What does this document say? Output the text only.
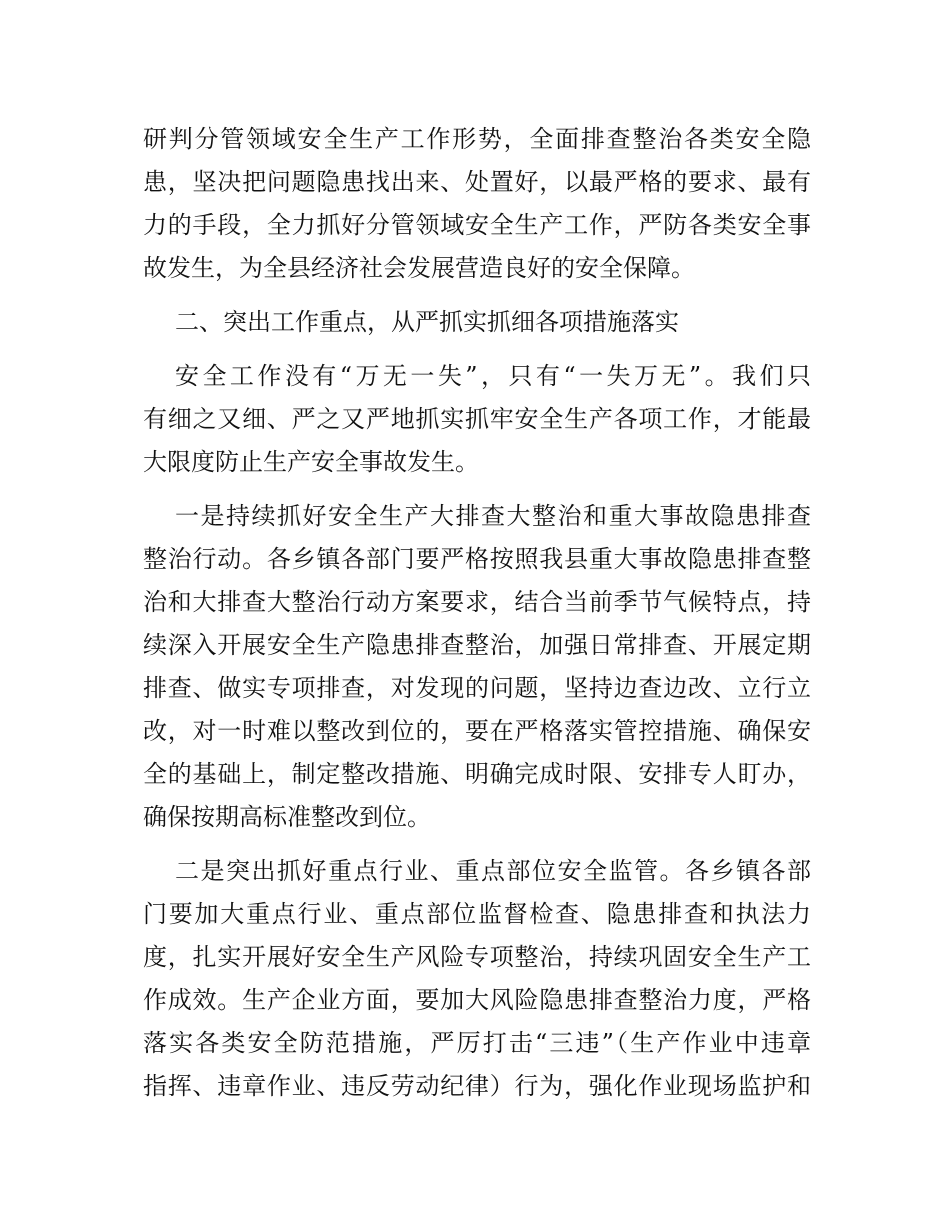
研判分管领域安全生产工作形势，全面排查整治各类安全隐
患，坚决把问题隐患找出来、处置好，以最严格的要求、最有
力的手段，全力抓好分管领域安全生产工作，严防各类安全事
故发生，为全县经济社会发展营造良好的安全保障。
二、突出工作重点，从严抓实抓细各项措施落实
安全工作没有“万无一失”，只有“一失万无”。我们只
有细之又细、严之又严地抓实抓牢安全生产各项工作，才能最
大限度防止生产安全事故发生。
一是持续抓好安全生产大排查大整治和重大事故隐患排查
整治行动。各乡镇各部门要严格按照我县重大事故隐患排查整
治和大排查大整治行动方案要求，结合当前季节气候特点，持
续深入开展安全生产隐患排查整治，加强日常排查、开展定期
排查、做实专项排查，对发现的问题，坚持边查边改、立行立
改，对一时难以整改到位的，要在严格落实管控措施、确保安
全的基础上，制定整改措施、明确完成时限、安排专人盯办，
确保按期高标准整改到位。
二是突出抓好重点行业、重点部位安全监管。各乡镇各部
门要加大重点行业、重点部位监督检查、隐患排查和执法力
度，扎实开展好安全生产风险专项整治，持续巩固安全生产工
作成效。生产企业方面，要加大风险隐患排查整治力度，严格
落实各类安全防范措施，严厉打击“三违”（生产作业中违章
指挥、违章作业、违反劳动纪律）行为，强化作业现场监护和
